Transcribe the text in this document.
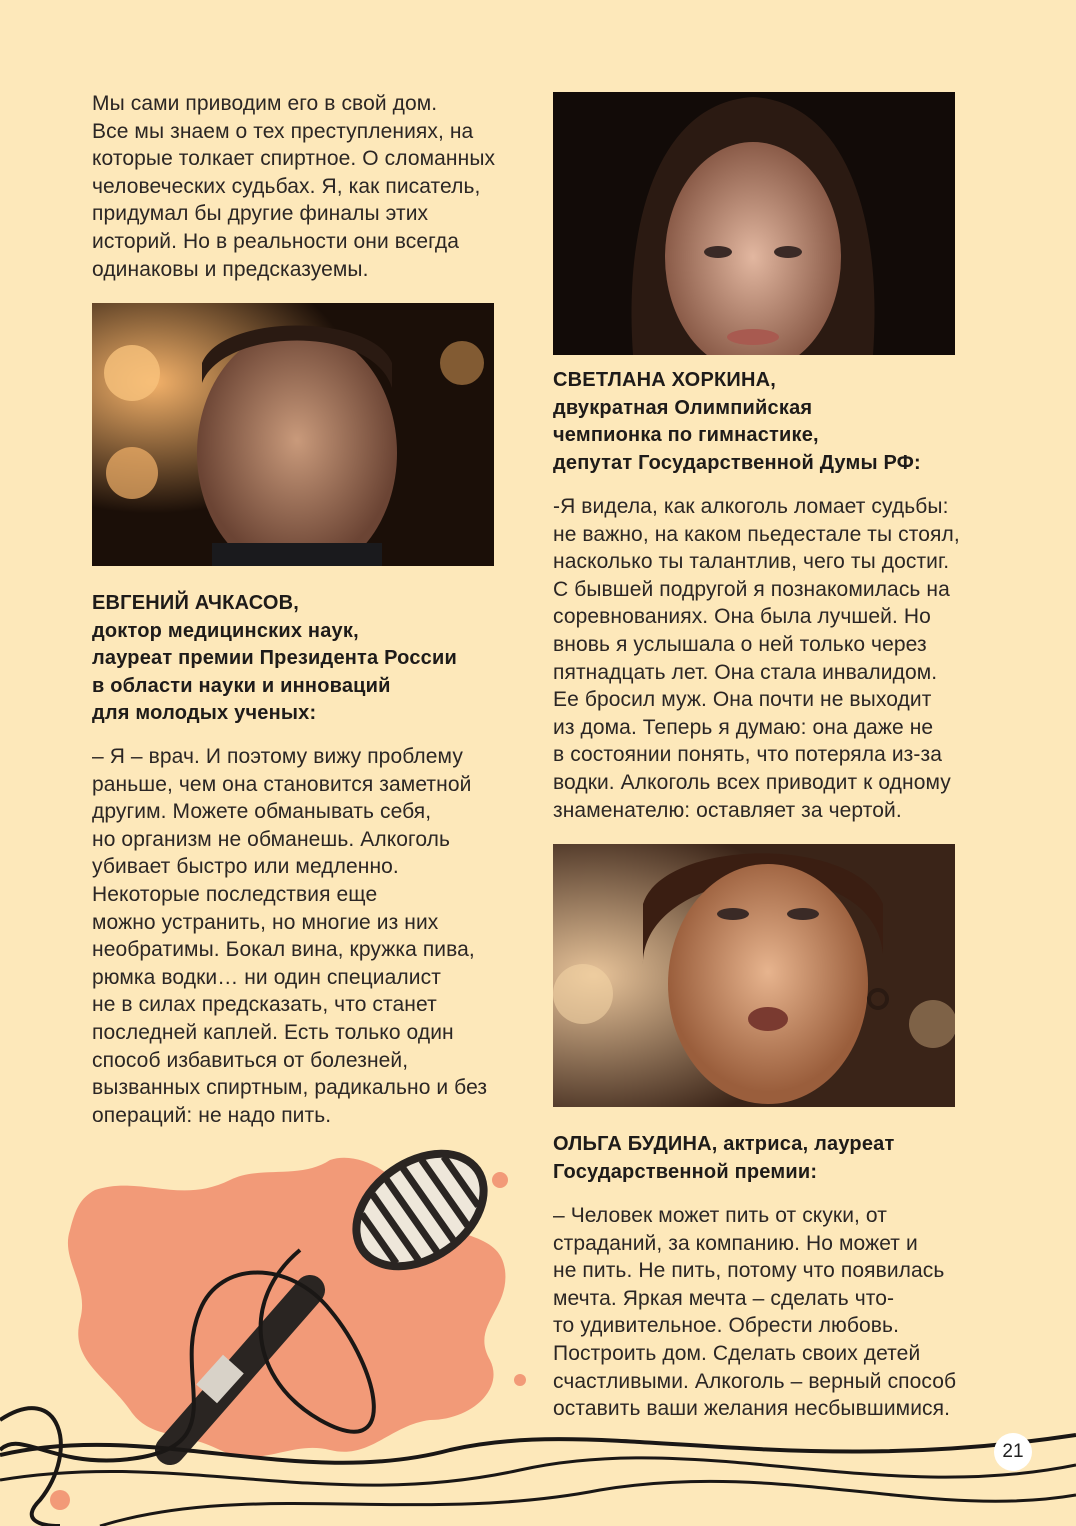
Мы сами приводим его в свой дом.
Все мы знаем о тех преступлениях, на
которые толкает спиртное. О сломанных
человеческих судьбах. Я, как писатель,
придумал бы другие финалы этих
историй. Но в реальности они всегда
одинаковы и предсказуемы.
ЕВГЕНИЙ АЧКАСОВ,
доктор медицинских наук,
лауреат премии Президента России
в области науки и инноваций
для молодых ученых:
– Я – врач. И поэтому вижу проблему
раньше, чем она становится заметной
другим. Можете обманывать себя,
но организм не обманешь. Алкоголь
убивает быстро или медленно.
Некоторые последствия еще
можно устранить, но многие из них
необратимы. Бокал вина, кружка пива,
рюмка водки… ни один специалист
не в силах предсказать, что станет
последней каплей. Есть только один
способ избавиться от болезней,
вызванных спиртным, радикально и без
операций: не надо пить.
СВЕТЛАНА ХОРКИНА,
двукратная Олимпийская
чемпионка по гимнастике,
депутат Государственной Думы РФ:
-Я видела, как алкоголь ломает судьбы:
не важно, на каком пьедестале ты стоял,
насколько ты талантлив, чего ты достиг.
С бывшей подругой я познакомилась на
соревнованиях. Она была лучшей. Но
вновь я услышала о ней только через
пятнадцать лет. Она стала инвалидом.
Ее бросил муж. Она почти не выходит
из дома. Теперь я думаю: она даже не
в состоянии понять, что потеряла из-за
водки. Алкоголь всех приводит к одному
знаменателю: оставляет за чертой.
ОЛЬГА БУДИНА, актриса, лауреат
Государственной премии:
– Человек может пить от скуки, от
страданий, за компанию. Но может и
не пить. Не пить, потому что появилась
мечта. Яркая мечта – сделать что-
то удивительное. Обрести любовь.
Построить дом. Сделать своих детей
счастливыми. Алкоголь – верный способ
оставить ваши желания несбывшимися.
21
